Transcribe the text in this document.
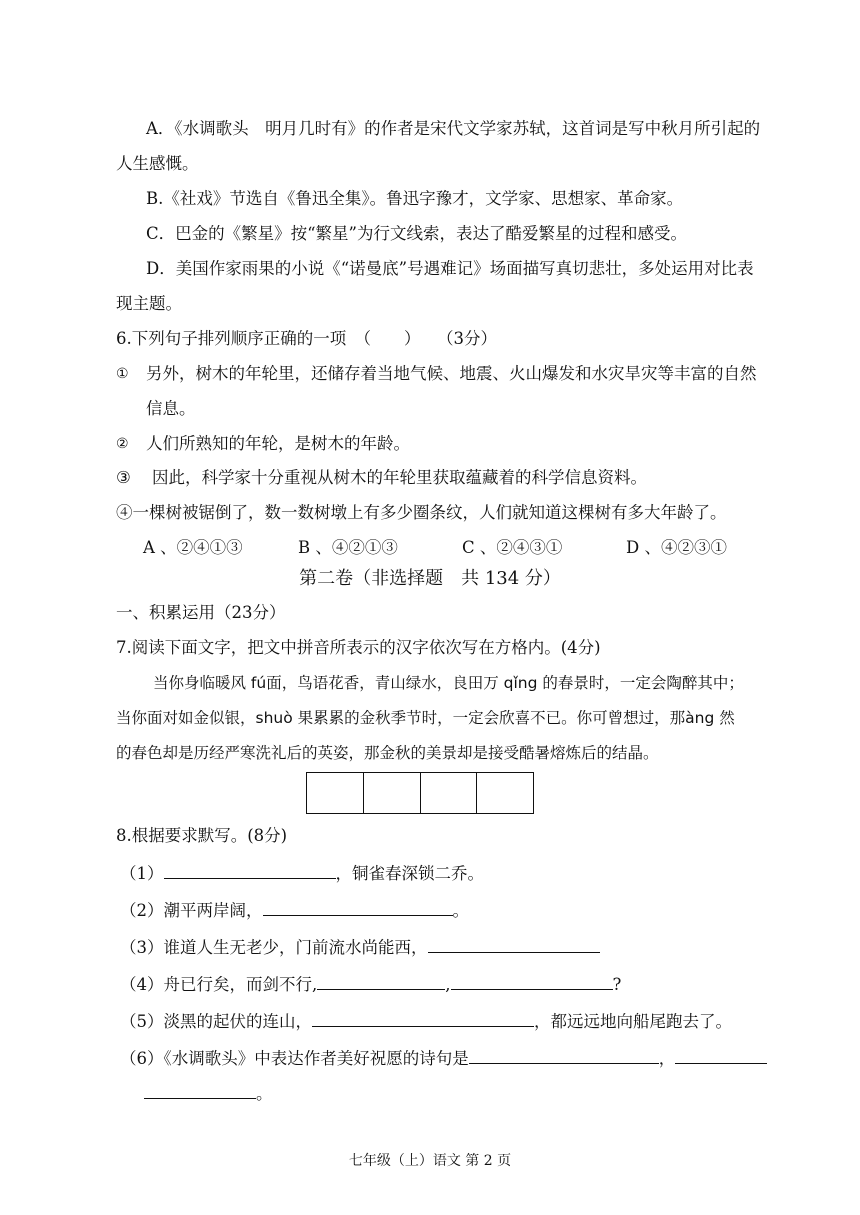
A．《水调歌头　明月几时有》的作者是宋代文学家苏轼，这首词是写中秋月所引起的
人生感慨。
B.《社戏》节选自《鲁迅全集》。鲁迅字豫才，文学家、思想家、革命家。
C．巴金的《繁星》按“繁星”为行文线索，表达了酷爱繁星的过程和感受。
D．美国作家雨果的小说《“诺曼底”号遇难记》场面描写真切悲壮，多处运用对比表
现主题。
6.下列句子排列顺序正确的一项　（　　）　　（3分）
① 另外，树木的年轮里，还储存着当地气候、地震、火山爆发和水灾旱灾等丰富的自然
信息。
② 人们所熟知的年轮，是树木的年龄。
③ 因此，科学家十分重视从树木的年轮里获取蕴藏着的科学信息资料。
④一棵树被锯倒了，数一数树墩上有多少圈条纹，人们就知道这棵树有多大年龄了。
A 、②④①③	B 、④②①③	C 、②④③①	D 、④②③①
第二卷（非选择题　共 134 分）
一、积累运用（23分）
7.阅读下面文字，把文中拼音所表示的汉字依次写在方格内。(4分)
当你身临暖风 fú面，鸟语花香，青山绿水，良田万 qǐng 的春景时，一定会陶醉其中；
当你面对如金似银，shuò 果累累的金秋季节时，一定会欣喜不已。你可曾想过，那àng 然
的春色却是历经严寒洗礼后的英姿，那金秋的美景却是接受酷暑熔炼后的结晶。
8.根据要求默写。(8分)
（1）	，铜雀春深锁二乔。
（2）潮平两岸阔，	。
（3）谁道人生无老少，门前流水尚能西，
（4）舟已行矣，而剑不行,	,	?
（5）淡黑的起伏的连山，	，都远远地向船尾跑去了。
（6）《水调歌头》中表达作者美好祝愿的诗句是	，
。
七年级（上）语文 第 2 页
